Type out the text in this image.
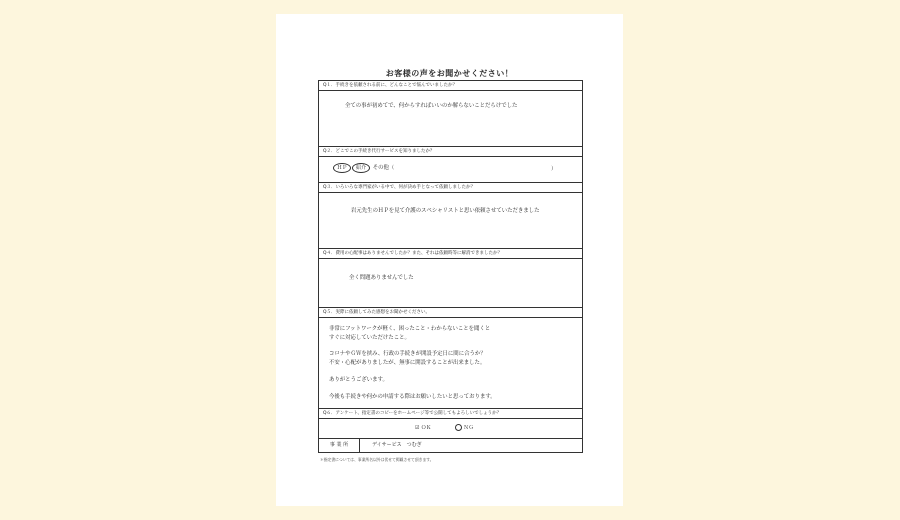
お客様の声をお聞かせください！
Q１．手続きを依頼される前に、どんなことで悩んでいましたか？
全ての事が初めてで、何からすればいいのか解らないことだらけでした
Q２．どこでこの手続き代行サービスを知りましたか？
ＨＰ 紹介 その他（	）
Q３．いろいろな専門家がいる中で、何が決め手となって依頼しましたか？
岩元先生のＨＰを見て介護のスペシャリストと思い依頼させていただきました
Q４．費用の心配事はありませんでしたか？また、それは依頼時等に解消できましたか？
全く問題ありませんでした
Q５．実際に依頼してみた感想をお聞かせください。
非常にフットワークが軽く、困ったこと・わからないことを聞くと
すぐに対応していただけたこと。
コロナやＧＷを挟み、行政の手続きが開設予定日に間に合うか？
不安・心配がありましたが、無事に開設することが出来ました。
ありがとうございます。
今後も手続きや何かの申請する際はお願いしたいと思っております。
Q６．アンケート、指定書のコピーをホームページ等で公開してもよろしいでしょうか？
☑ ＯＫ	ＮＧ
事 業 所	デイサービス　つむぎ
＊指定書については、事業所名以外は伏せて掲載させて頂きます。
